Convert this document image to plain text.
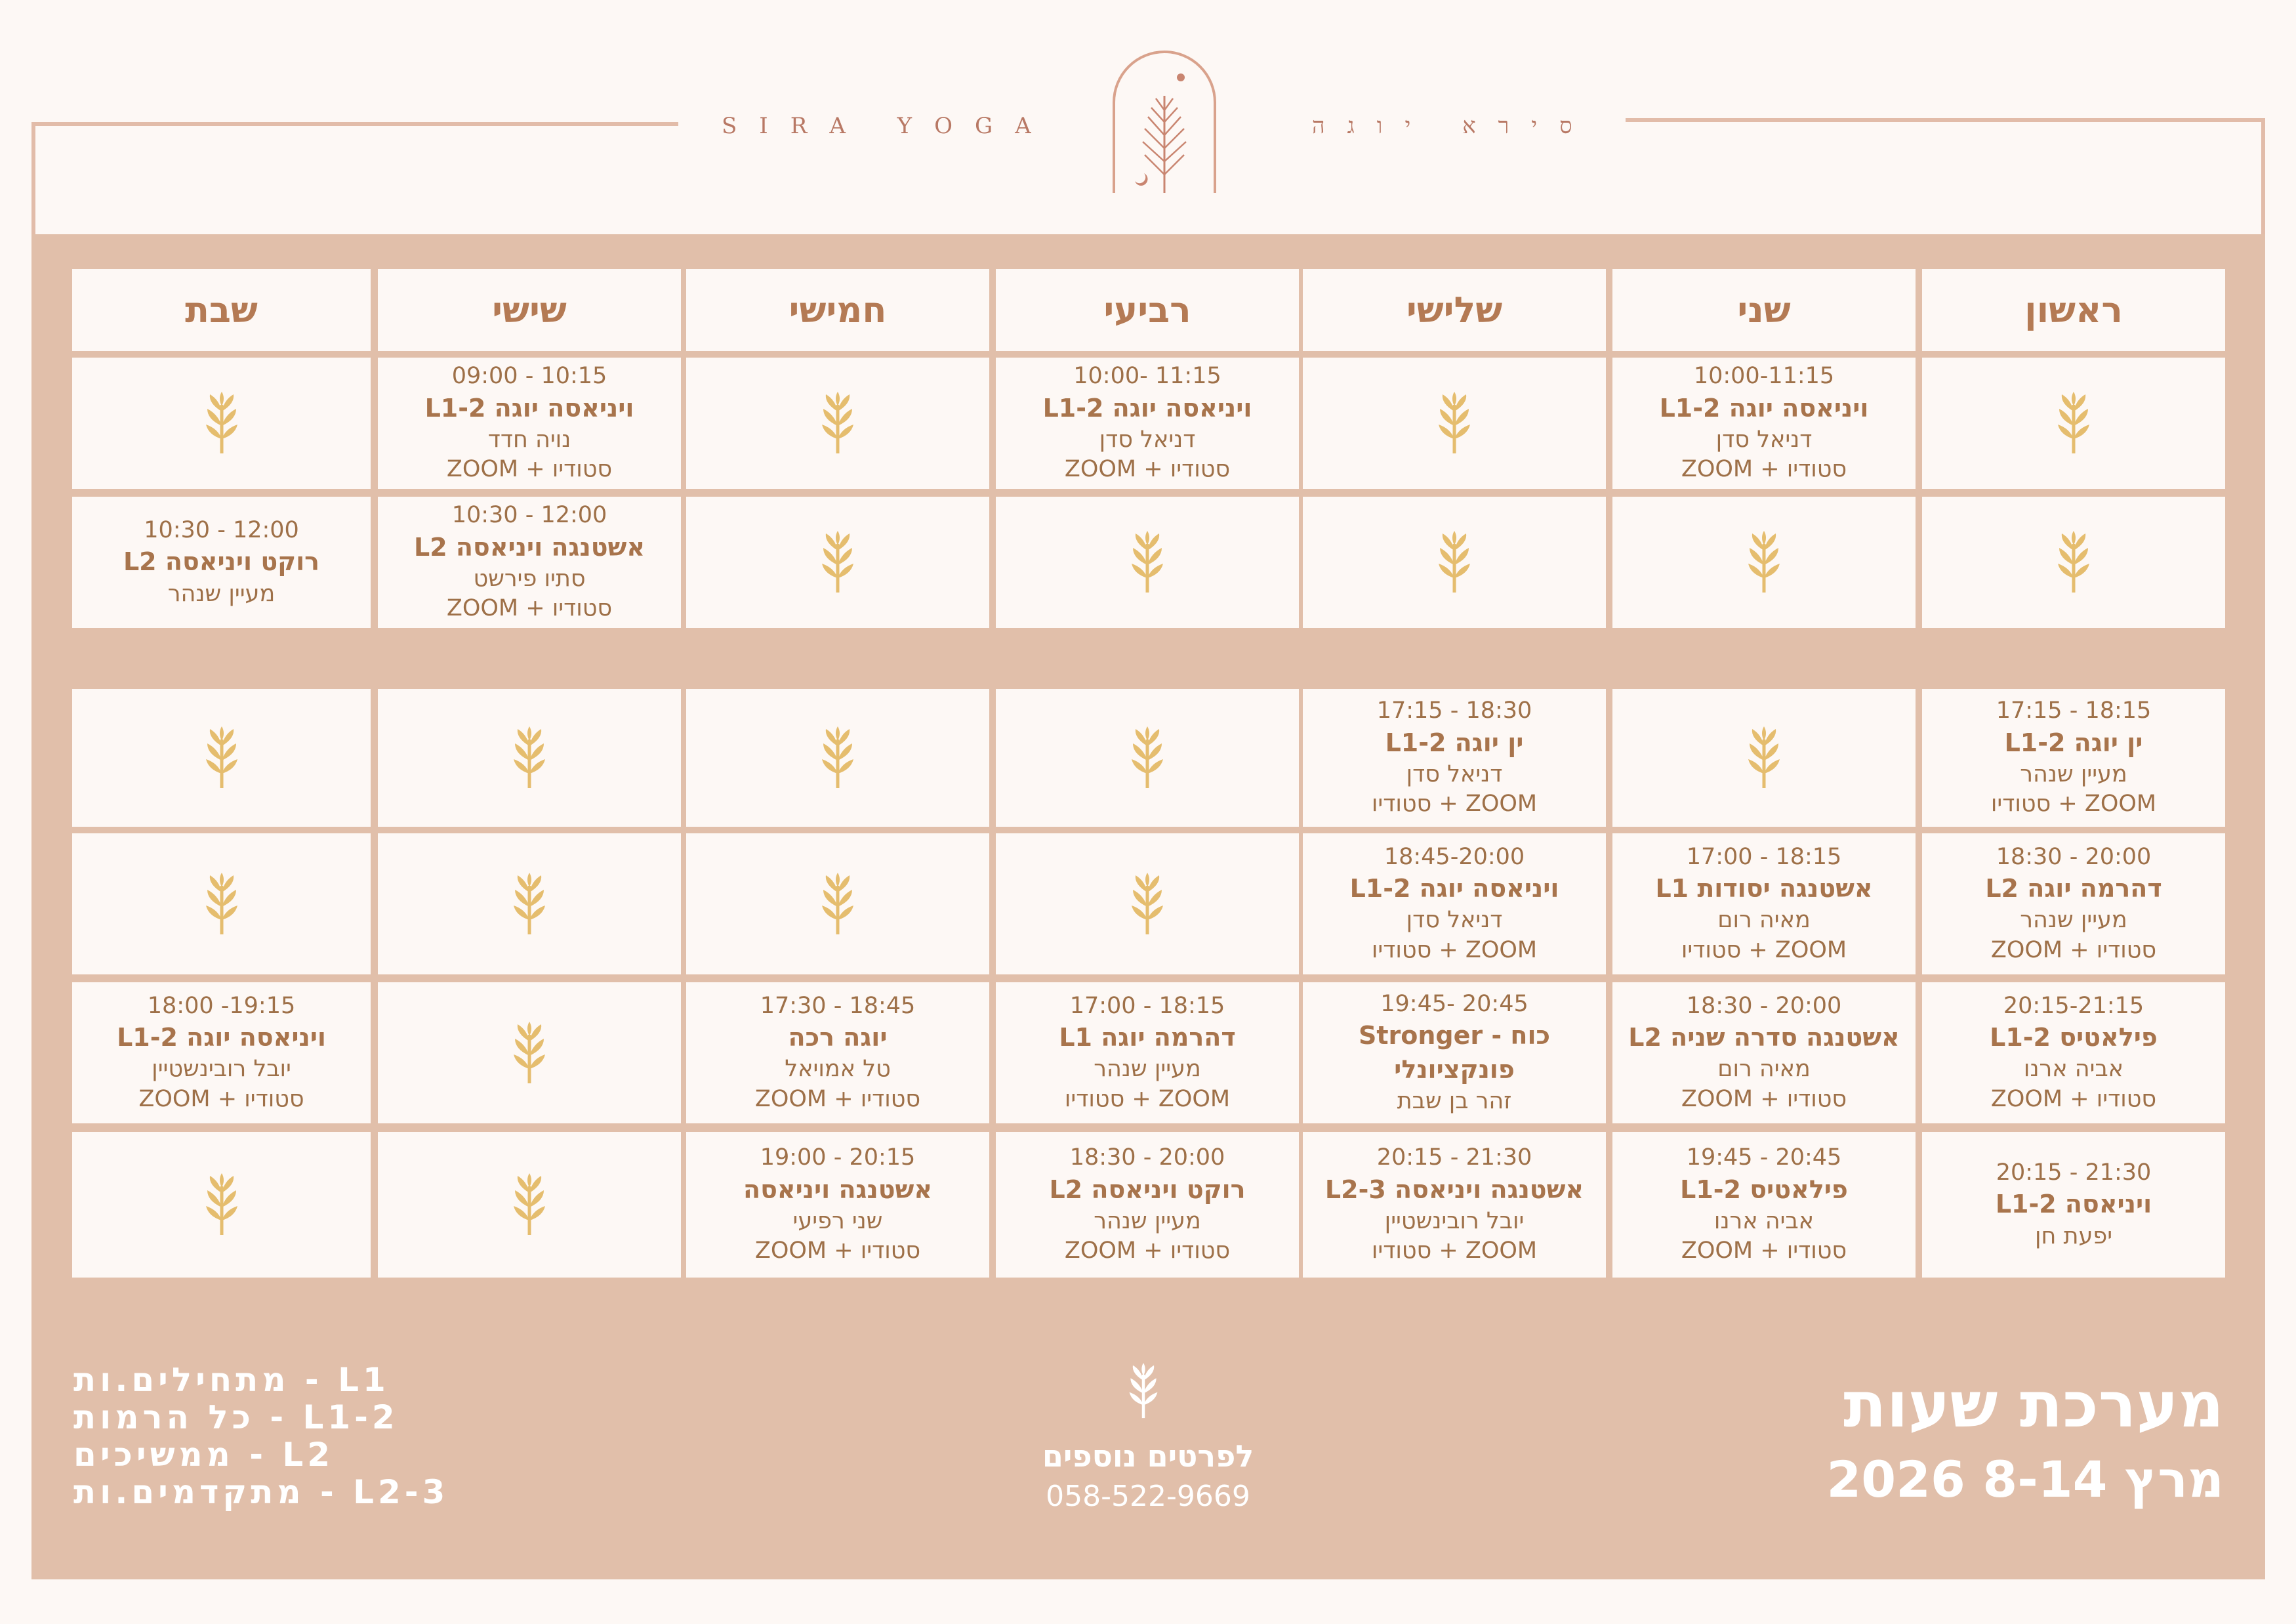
SIRA YOGA	סירא יוגה
ראשון
שני
שלישי
רביעי
חמישי
שישי
שבת
10:00-11:15
ויניאסה יוגה L1-2
דניאל סדן
סטודיו + ZOOM
10:00- 11:15
ויניאסה יוגה L1-2
דניאל סדן
סטודיו + ZOOM
09:00 - 10:15
ויניאסה יוגה L1-2
נויה חדד
סטודיו + ZOOM
10:30 - 12:00
אשטנגה ויניאסה L2
סתיו פירשט
סטודיו + ZOOM
10:30 - 12:00
רוקט ויניאסה L2
מעיין שנהר
17:15 - 18:15
ין יוגה L1-2
מעיין שנהר
ZOOM + סטודיו
17:15 - 18:30
ין יוגה L1-2
דניאל סדן
ZOOM + סטודיו
18:30 - 20:00
דהרמה יוגה L2
מעיין שנהר
סטודיו + ZOOM
17:00 - 18:15
אשטנגה יסודות L1
מאיה רום
ZOOM + סטודיו
18:45-20:00
ויניאסה יוגה L1-2
דניאל סדן
ZOOM + סטודיו
20:15-21:15
פילאטיס L1-2
אביה ארנו
סטודיו + ZOOM
18:30 - 20:00
אשטנגה סדרה שניה L2
מאיה רום
סטודיו + ZOOM
19:45- 20:45
כוח - Stronger
פונקציונלי
זהר בן שבת
17:00 - 18:15
דהרמה יוגה L1
מעיין שנהר
ZOOM + סטודיו
17:30 - 18:45
יוגה רכה
טל אמויאל
סטודיו + ZOOM
18:00 -19:15
ויניאסה יוגה L1-2
יובל רובינשטיין
סטודיו + ZOOM
20:15 - 21:30
ויניאסה L1-2
יפעת חן
19:45 - 20:45
פילאטיס L1-2
אביה ארנו
סטודיו + ZOOM
20:15 - 21:30
אשטנגה ויניאסה L2-3
יובל רובינשטיין
ZOOM + סטודיו
18:30 - 20:00
רוקט ויניאסה L2
מעיין שנהר
סטודיו + ZOOM
19:00 - 20:15
אשטנגה ויניאסה
שני רפיעי
סטודיו + ZOOM
מערכת שעות
מרץ 8-14 2026
לפרטים נוספים
058-522-9669
מתחילים.ות - L1
כל הרמות - L1-2
ממשיכים - L2
מתקדמים.ות - L2-3
